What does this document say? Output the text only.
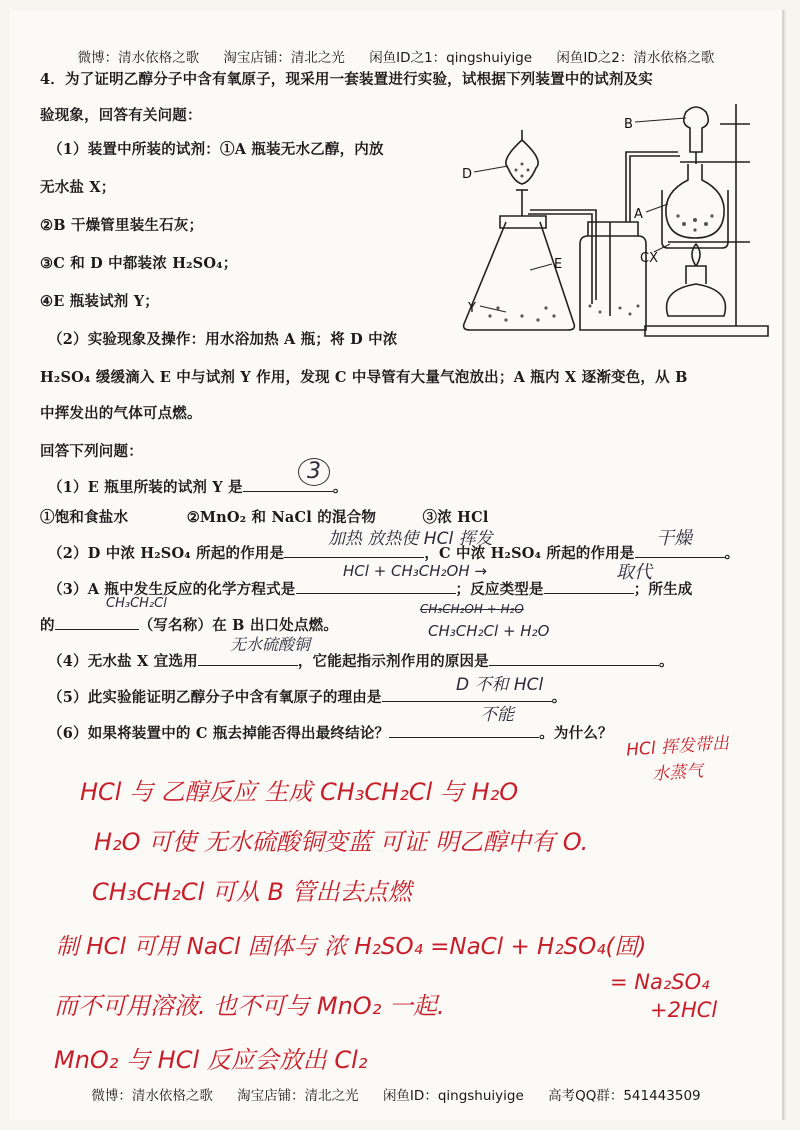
微博：清水依格之歌 淘宝店铺：清北之光 闲鱼ID之1：qingshuiyige 闲鱼ID之2：清水依格之歌
4．为了证明乙醇分子中含有氧原子，现采用一套装置进行实验，试根据下列装置中的试剂及实
验现象，回答有关问题：
（1）装置中所装的试剂：①A 瓶装无水乙醇，内放
无水盐 X；
②B 干燥管里装生石灰；
③C 和 D 中都装浓 H₂SO₄；
④E 瓶装试剂 Y；
（2）实验现象及操作：用水浴加热 A 瓶；将 D 中浓
H₂SO₄ 缓缓滴入 E 中与试剂 Y 作用，发现 C 中导管有大量气泡放出；A 瓶内 X 逐渐变色，从 B
中挥发出的气体可点燃。
回答下列问题：
（1）E 瓶里所装的试剂 Y 是	。
3
①饱和食盐水	②MnO₂ 和 NaCl 的混合物	③浓 HCl
（2）D 中浓 H₂SO₄ 所起的作用是	，C 中浓 H₂SO₄ 所起的作用是	。
加热 放热使 HCl 挥发	干燥
（3）A 瓶中发生反应的化学方程式是	；反应类型是	；所生成
HCl + CH₃CH₂OH →	取代
的	（写名称）在 B 出口处点燃。
CH₃CH₂Cl	CH₃CH₂OH + H₂O
CH₃CH₂Cl + H₂O
（4）无水盐 X 宜选用	，它能起指示剂作用的原因是	。
无水硫酸铜
（5）此实验能证明乙醇分子中含有氧原子的理由是	。
D 不和 HCl
（6）如果将装置中的 C 瓶去掉能否得出最终结论？	。为什么？
不能
HCl 挥发带出
水蒸气
HCl 与 乙醇反应 生成 CH₃CH₂Cl 与 H₂O
H₂O 可使 无水硫酸铜变蓝 可证 明乙醇中有 O.
CH₃CH₂Cl 可从 B 管出去点燃
制 HCl 可用 NaCl 固体与 浓 H₂SO₄ =NaCl + H₂SO₄(固)
而不可用溶液. 也不可与 MnO₂ 一起.
MnO₂ 与 HCl 反应会放出 Cl₂
= Na₂SO₄
+2HCl
B
D
A
E	CX
Y
微博：清水依格之歌 淘宝店铺：清北之光 闲鱼ID：qingshuiyige 高考QQ群：541443509
